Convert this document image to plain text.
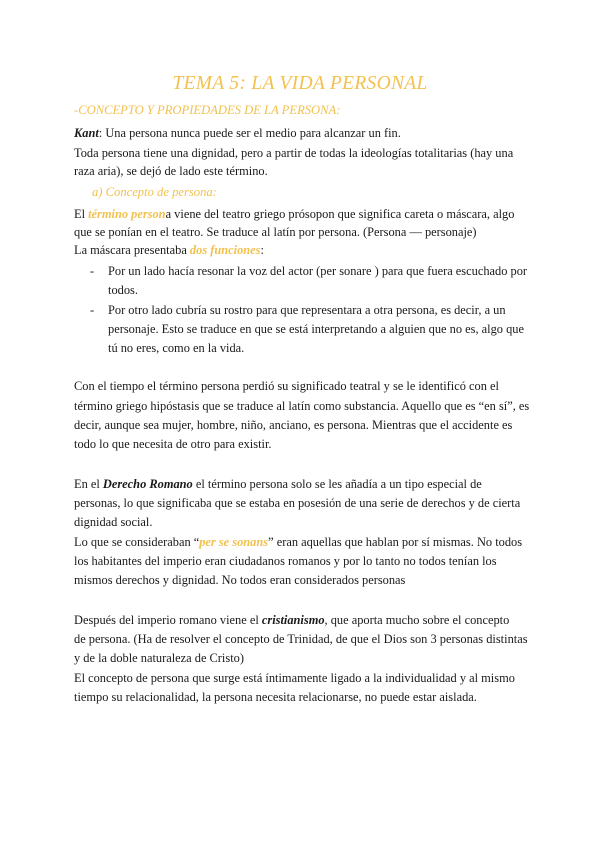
TEMA 5: LA VIDA PERSONAL

-CONCEPTO Y PROPIEDADES DE LA PERSONA:

Kant: Una persona nunca puede ser el medio para alcanzar un fin.

Toda persona tiene una dignidad, pero a partir de todas la ideologías totalitarias (hay una

raza aria), se dejó de lado este término.

a) Concepto de persona:

El término persona viene del teatro griego prósopon que significa careta o máscara, algo

que se ponían en el teatro. Se traduce al latín por persona. (Persona — personaje)

La máscara presentaba dos funciones:

- Por un lado hacía resonar la voz del actor (per sonare ) para que fuera escuchado por

todos.

- Por otro lado cubría su rostro para que representara a otra persona, es decir, a un

personaje. Esto se traduce en que se está interpretando a alguien que no es, algo que

tú no eres, como en la vida.

Con el tiempo el término persona perdió su significado teatral y se le identificó con el

término griego hipóstasis que se traduce al latín como substancia. Aquello que es “en sí”, es

decir, aunque sea mujer, hombre, niño, anciano, es persona. Mientras que el accidente es

todo lo que necesita de otro para existir.

En el Derecho Romano el término persona solo se les añadía a un tipo especial de

personas, lo que significaba que se estaba en posesión de una serie de derechos y de cierta

dignidad social.

Lo que se consideraban “per se sonans” eran aquellas que hablan por sí mismas. No todos

los habitantes del imperio eran ciudadanos romanos y por lo tanto no todos tenían los

mismos derechos y dignidad. No todos eran considerados personas

Después del imperio romano viene el cristianismo, que aporta mucho sobre el concepto

de persona. (Ha de resolver el concepto de Trinidad, de que el Dios son 3 personas distintas

y de la doble naturaleza de Cristo)

El concepto de persona que surge está íntimamente ligado a la individualidad y al mismo

tiempo su relacionalidad, la persona necesita relacionarse, no puede estar aislada.
